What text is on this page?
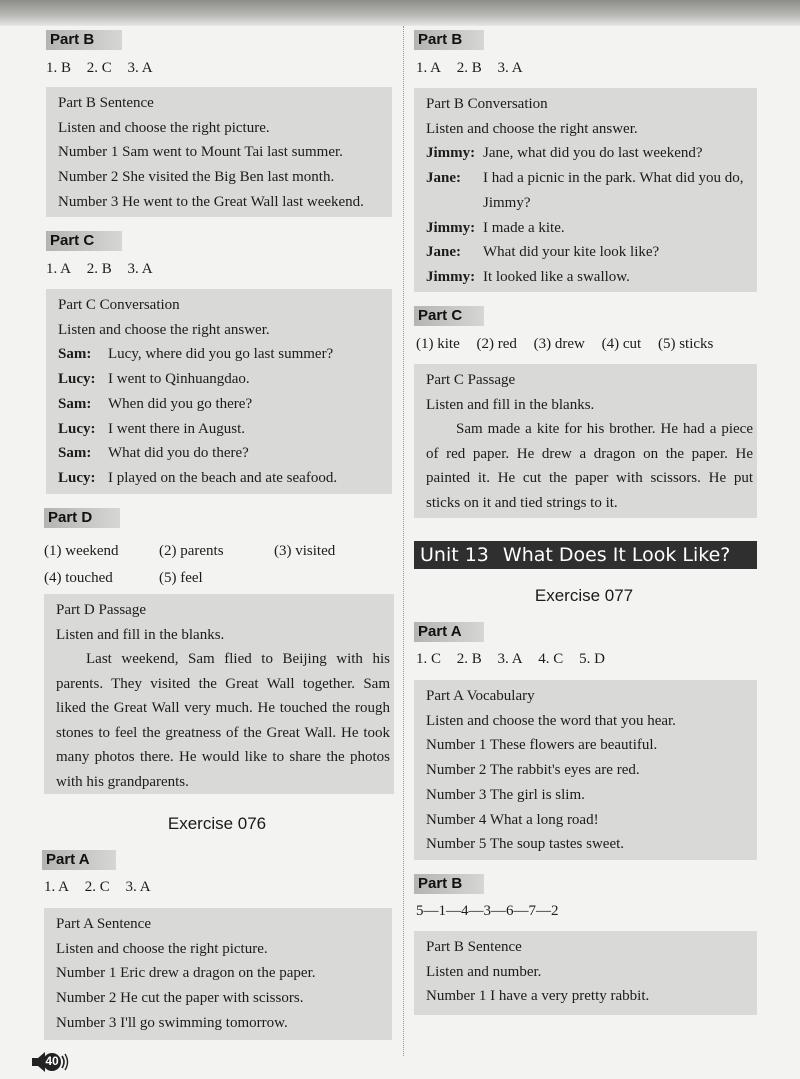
Part B
1. B 2. C 3. A
Part B Sentence
Listen and choose the right picture.
Number 1 Sam went to Mount Tai last summer.
Number 2 She visited the Big Ben last month.
Number 3 He went to the Great Wall last weekend.
Part C
1. A 2. B 3. A
Part C Conversation
Listen and choose the right answer.
Sam:	Lucy, where did you go last summer?
Lucy: I went to Qinhuangdao.
Sam:	When did you go there?
Lucy: I went there in August.
Sam:	What did you do there?
Lucy: I played on the beach and ate seafood.
Part D
(1) weekend	(2) parents	(3) visited
(4) touched	(5) feel
Part D Passage
Listen and fill in the blanks.
Last weekend, Sam flied to Beijing with his parents. They visited the Great Wall together. Sam liked the Great Wall very much. He touched the rough stones to feel the greatness of the Great Wall. He took many photos there. He would like to share the photos with his grandparents.
Exercise 076
Part A
1. A 2. C 3. A
Part A Sentence
Listen and choose the right picture.
Number 1 Eric drew a dragon on the paper.
Number 2 He cut the paper with scissors.
Number 3 I'll go swimming tomorrow.
Part B
1. A 2. B 3. A
Part B Conversation
Listen and choose the right answer.
Jimmy: Jane, what did you do last weekend?
Jane:	I had a picnic in the park. What did you do, Jimmy?
Jimmy: I made a kite.
Jane:	What did your kite look like?
Jimmy: It looked like a swallow.
Part C
(1) kite (2) red (3) drew (4) cut (5) sticks
Part C Passage
Listen and fill in the blanks.
Sam made a kite for his brother. He had a piece of red paper. He drew a dragon on the paper. He painted it. He cut the paper with scissors. He put sticks on it and tied strings to it.
Exercise 077
Part A
1. C 2. B 3. A 4. C 5. D
Part A Vocabulary
Listen and choose the word that you hear.
Number 1 These flowers are beautiful.
Number 2 The rabbit's eyes are red.
Number 3 The girl is slim.
Number 4 What a long road!
Number 5 The soup tastes sweet.
Part B
5—1—4—3—6—7—2
Part B Sentence
Listen and number.
Number 1 I have a very pretty rabbit.
Unit 13 What Does It Look Like?
40
